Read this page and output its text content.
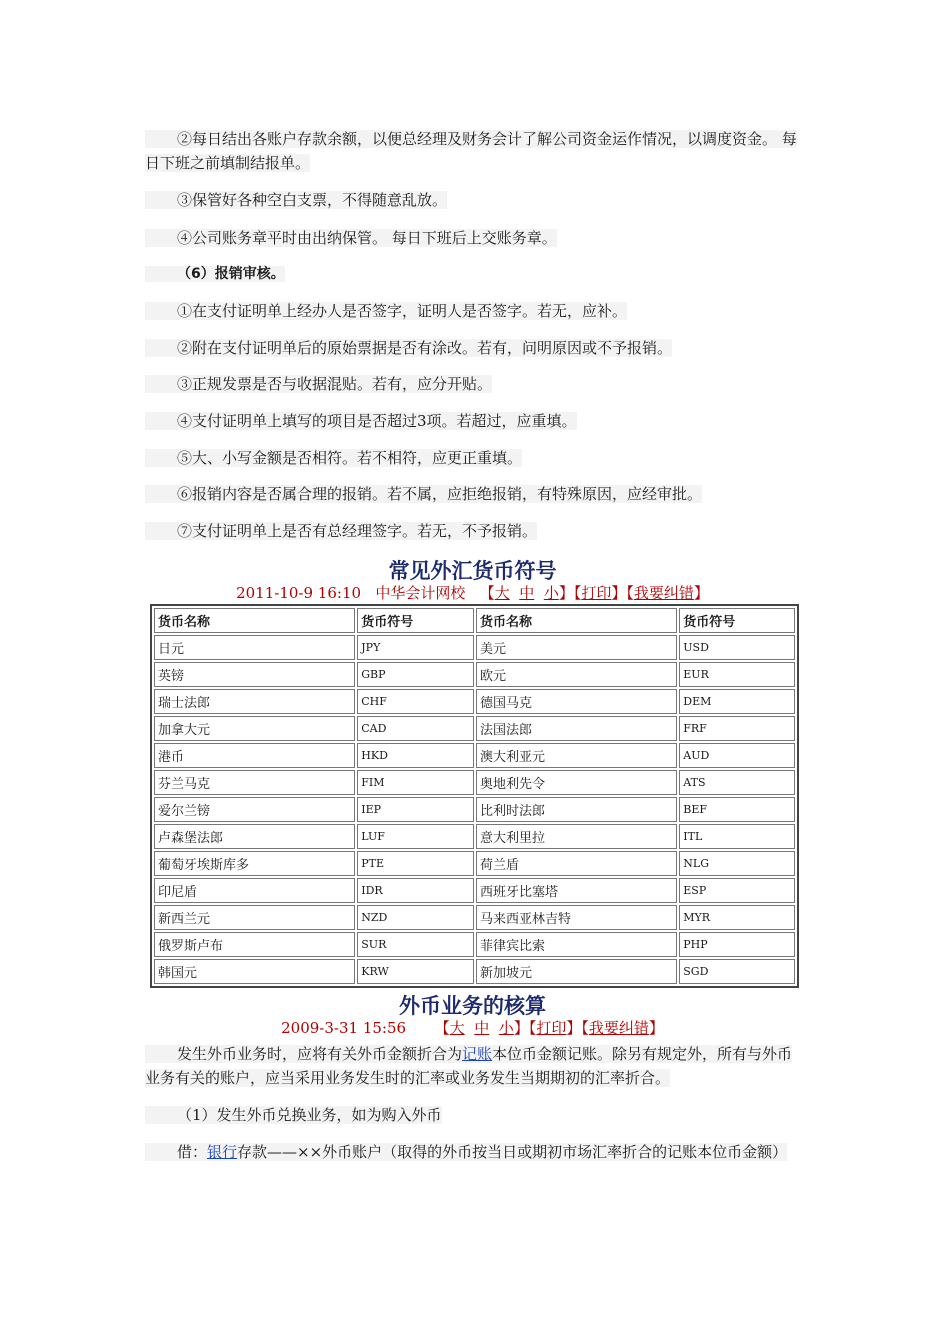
②每日结出各账户存款余额，以便总经理及财务会计了解公司资金运作情况，以调度资金。 每日下班之前填制结报单。

③保管好各种空白支票，不得随意乱放。

④公司账务章平时由出纳保管。 每日下班后上交账务章。

（6）报销审核。

①在支付证明单上经办人是否签字，证明人是否签字。若无，应补。

②附在支付证明单后的原始票据是否有涂改。若有，问明原因或不予报销。

③正规发票是否与收据混贴。若有，应分开贴。

④支付证明单上填写的项目是否超过3项。若超过，应重填。

⑤大、小写金额是否相符。若不相符，应更正重填。

⑥报销内容是否属合理的报销。若不属，应拒绝报销，有特殊原因，应经审批。

⑦支付证明单上是否有总经理签字。若无，不予报销。

常见外汇货币符号

2011-10-9 16:10 中华会计网校 【大 中 小】【打印】【我要纠错】

货币名称	货币符号	货币名称	货币符号
日元	JPY	美元	USD
英镑	GBP	欧元	EUR
瑞士法郎	CHF	德国马克	DEM
加拿大元	CAD	法国法郎	FRF
港币	HKD	澳大利亚元	AUD
芬兰马克	FIM	奥地利先令	ATS
爱尔兰镑	IEP	比利时法郎	BEF
卢森堡法郎	LUF	意大利里拉	ITL
葡萄牙埃斯库多	PTE	荷兰盾	NLG
印尼盾	IDR	西班牙比塞塔	ESP
新西兰元	NZD	马来西亚林吉特	MYR
俄罗斯卢布	SUR	菲律宾比索	PHP
韩国元	KRW	新加坡元	SGD
外币业务的核算

2009-3-31 15:56 【大 中 小】【打印】【我要纠错】

发生外币业务时，应将有关外币金额折合为记账本位币金额记账。除另有规定外，所有与外币业务有关的账户，应当采用业务发生时的汇率或业务发生当期期初的汇率折合。

（1）发生外币兑换业务，如为购入外币

借：银行存款——××外币账户（取得的外币按当日或期初市场汇率折合的记账本位币金额）
